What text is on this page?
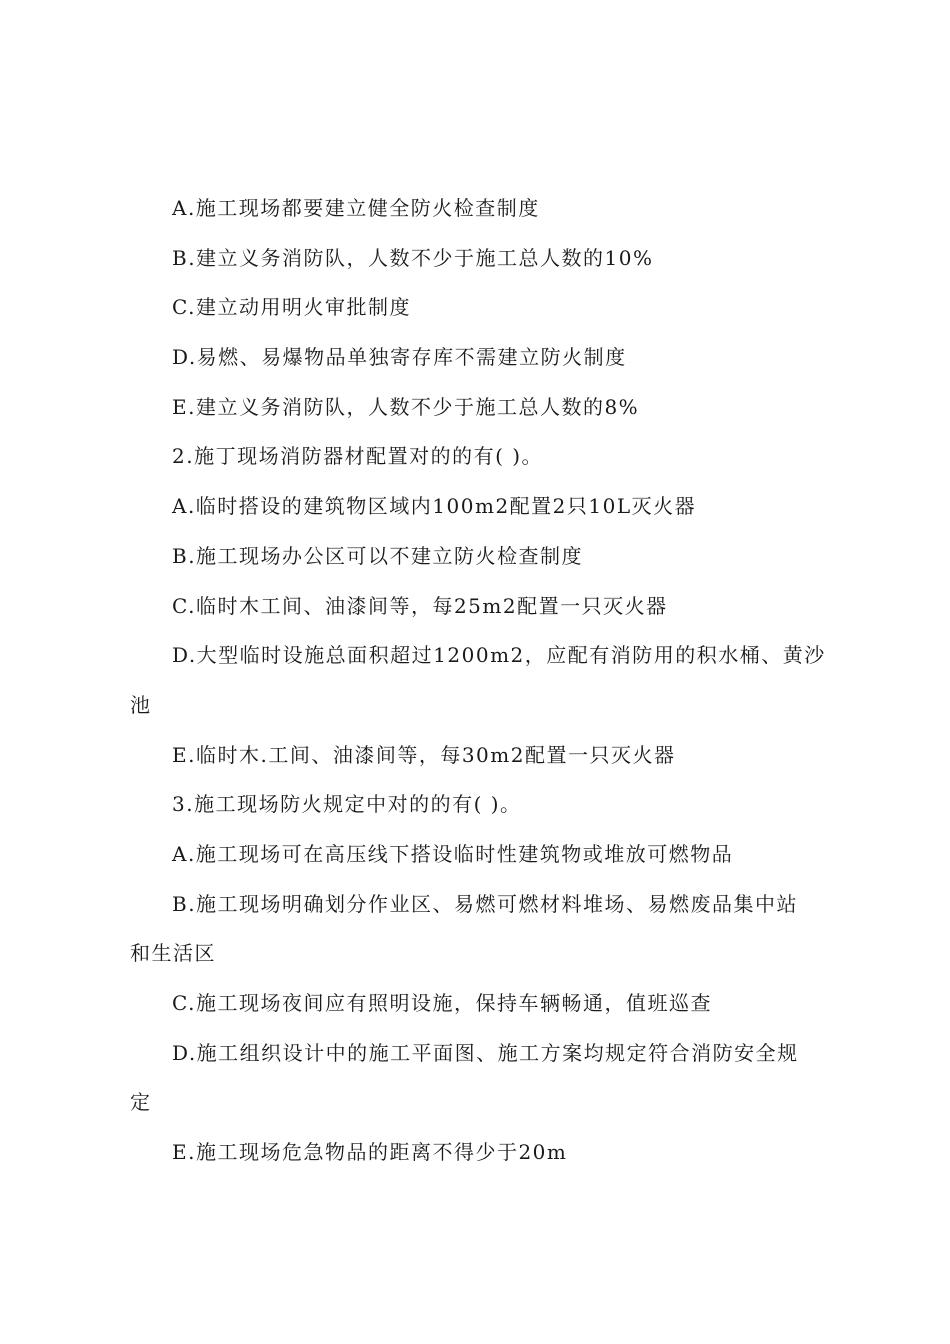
A.施工现场都要建立健全防火检查制度
B.建立义务消防队，人数不少于施工总人数的10%
C.建立动用明火审批制度
D.易燃、易爆物品单独寄存库不需建立防火制度
E.建立义务消防队，人数不少于施工总人数的8%
2.施丁现场消防器材配置对的的有( )。
A.临时搭设的建筑物区域内100m2配置2只10L灭火器
B.施工现场办公区可以不建立防火检查制度
C.临时木工间、油漆间等，每25m2配置一只灭火器
D.大型临时设施总面积超过1200m2，应配有消防用的积水桶、黄沙
池
E.临时木.工间、油漆间等，每30m2配置一只灭火器
3.施工现场防火规定中对的的有( )。
A.施工现场可在高压线下搭设临时性建筑物或堆放可燃物品
B.施工现场明确划分作业区、易燃可燃材料堆场、易燃废品集中站
和生活区
C.施工现场夜间应有照明设施，保持车辆畅通，值班巡查
D.施工组织设计中的施工平面图、施工方案均规定符合消防安全规
定
E.施工现场危急物品的距离不得少于20m
